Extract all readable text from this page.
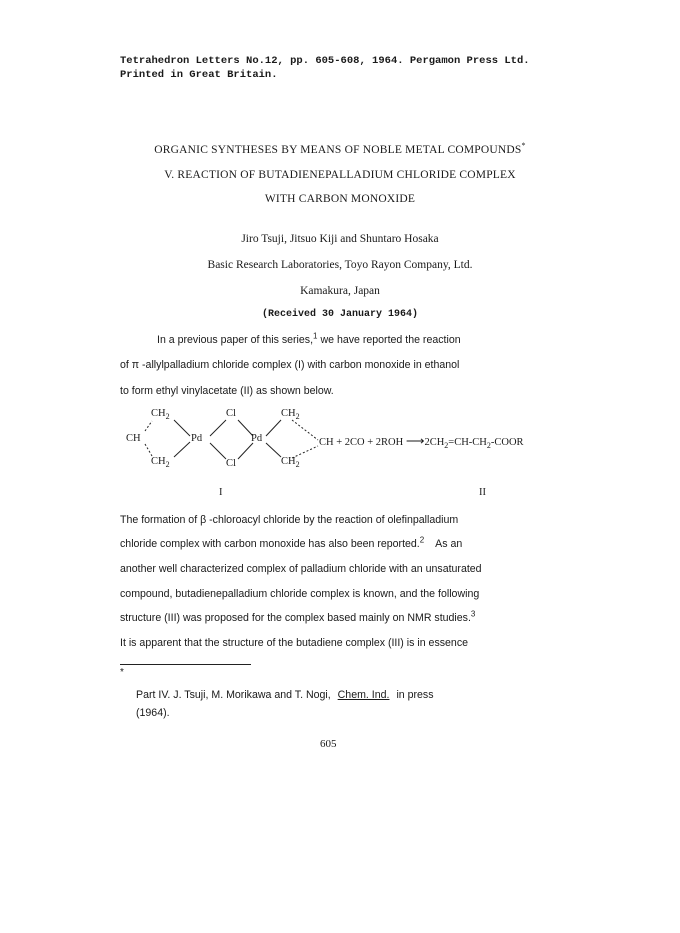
Tetrahedron Letters No.12, pp. 605-608, 1964. Pergamon Press Ltd.
Printed in Great Britain.
ORGANIC SYNTHESES BY MEANS OF NOBLE METAL COMPOUNDS*
V. REACTION OF BUTADIENEPALLADIUM CHLORIDE COMPLEX
WITH CARBON MONOXIDE
Jiro Tsuji, Jitsuo Kiji and Shuntaro Hosaka
Basic Research Laboratories, Toyo Rayon Company, Ltd.
Kamakura, Japan
(Received 30 January 1964)
In a previous paper of this series,$^1$ we have reported the reaction
of π -allylpalladium chloride complex (I) with carbon monoxide in ethanol
to form ethyl vinylacetate (II) as shown below.
$CH_2$
CH
$CH_2$
Pd
Cl
Cl
Pd
$CH_2$
$CH_2$
CH + 2CO + 2ROH $⟶2CH_2=CH-CH_2$-COOR
I	II
The formation of β -chloroacyl chloride by the reaction of olefinpalladium
chloride complex with carbon monoxide has also been reported.$^2$ As an
another well characterized complex of palladium chloride with an unsaturated
compound, butadienepalladium chloride complex is known, and the following
structure (III) was proposed for the complex based mainly on NMR studies.$^3$
It is apparent that the structure of the butadiene complex (III) is in essence
*
Part IV. J. Tsuji, M. Morikawa and T. Nogi, Chem. Ind. in press
(1964).
605
